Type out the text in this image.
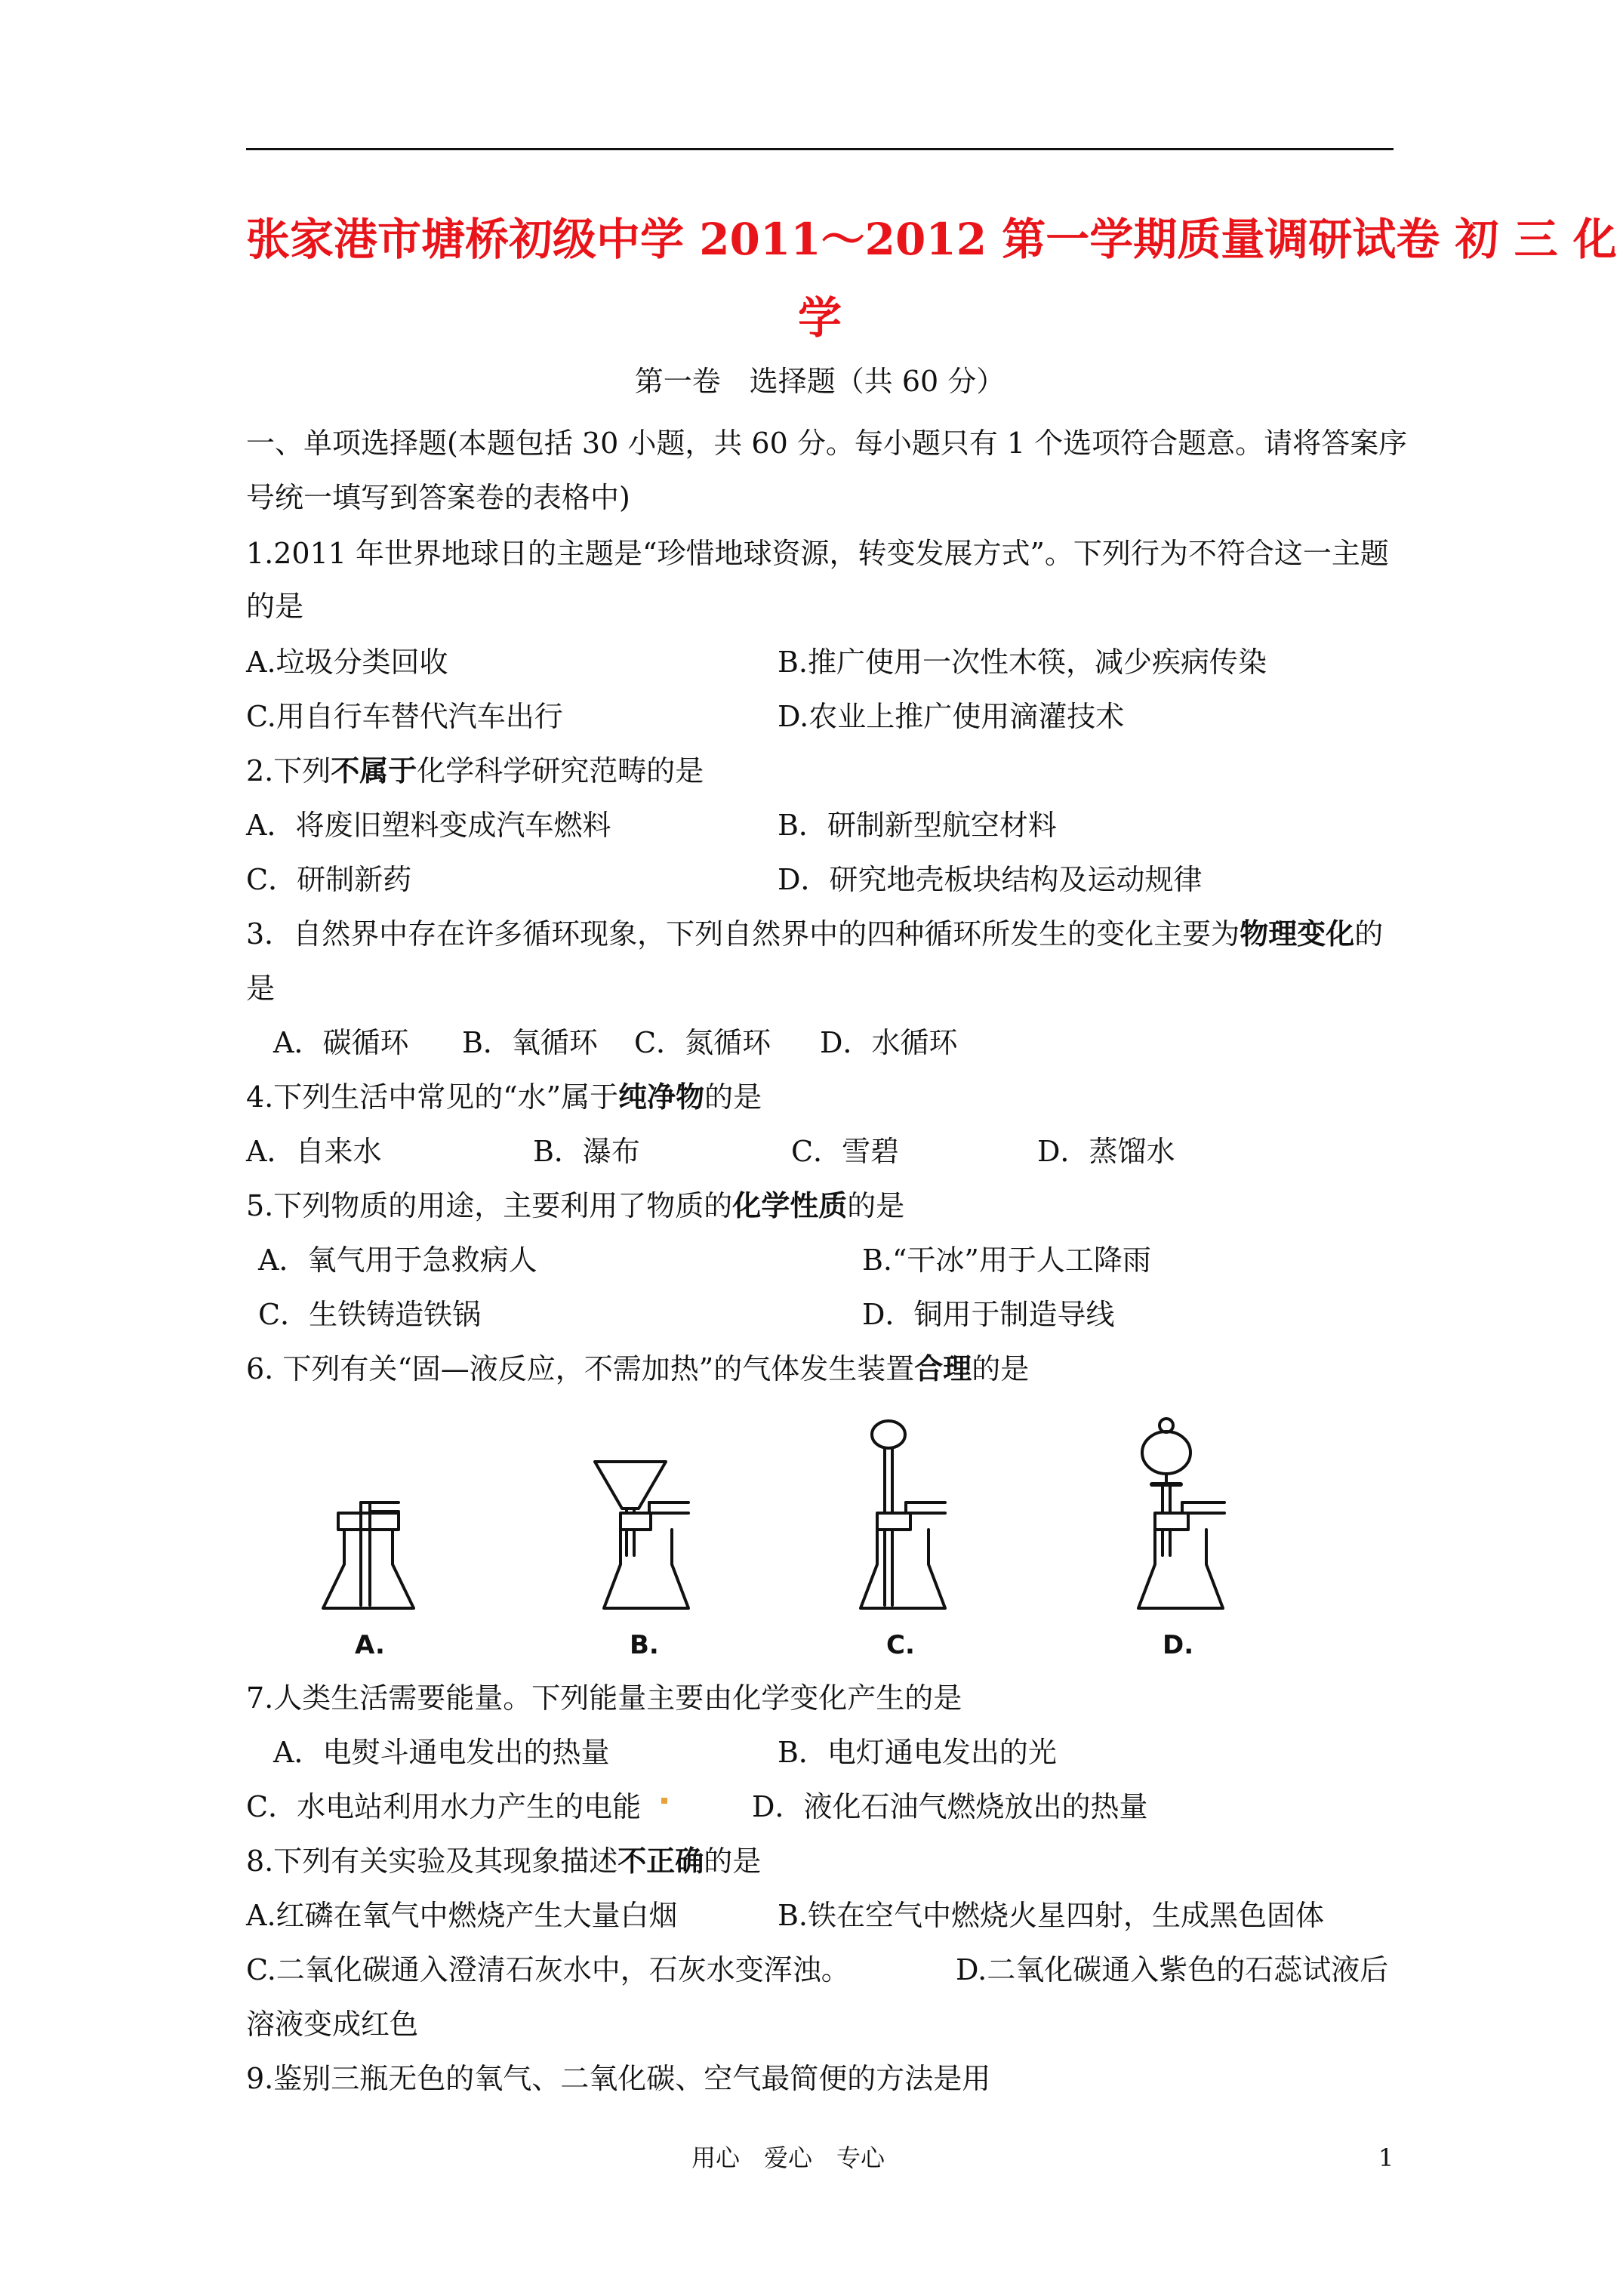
张家港市塘桥初级中学 2011～2012 第一学期质量调研试卷 初 三 化
学
第一卷　选择题（共 60 分）
一、单项选择题(本题包括 30 小题，共 60 分。每小题只有 1 个选项符合题意。请将答案序
号统一填写到答案卷的表格中)
1.2011 年世界地球日的主题是“珍惜地球资源，转变发展方式”。下列行为不符合这一主题
的是
A.垃圾分类回收	B.推广使用一次性木筷，减少疾病传染
C.用自行车替代汽车出行	D.农业上推广使用滴灌技术
2.下列不属于化学科学研究范畴的是
A．将废旧塑料变成汽车燃料	B．研制新型航空材料
C．研制新药	D．研究地壳板块结构及运动规律
3．自然界中存在许多循环现象，下列自然界中的四种循环所发生的变化主要为物理变化的
是
A．碳循环 B．氧循环 C．氮循环 D．水循环
4.下列生活中常见的“水”属于纯净物的是
A．自来水	B．瀑布	C．雪碧	D．蒸馏水
5.下列物质的用途，主要利用了物质的化学性质的是
A．氧气用于急救病人	B.“干冰”用于人工降雨
C．生铁铸造铁锅	D．铜用于制造导线
6. 下列有关“固—液反应，不需加热”的气体发生装置合理的是
A.	B.	C.	D.
7.人类生活需要能量。下列能量主要由化学变化产生的是
A．电熨斗通电发出的热量	B．电灯通电发出的光
C．水电站利用水力产生的电能	D．液化石油气燃烧放出的热量
8.下列有关实验及其现象描述不正确的是
A.红磷在氧气中燃烧产生大量白烟	B.铁在空气中燃烧火星四射，生成黑色固体
C.二氧化碳通入澄清石灰水中，石灰水变浑浊。	D.二氧化碳通入紫色的石蕊试液后
溶液变成红色
9.鉴别三瓶无色的氧气、二氧化碳、空气最简便的方法是用
用心　爱心　专心	1
